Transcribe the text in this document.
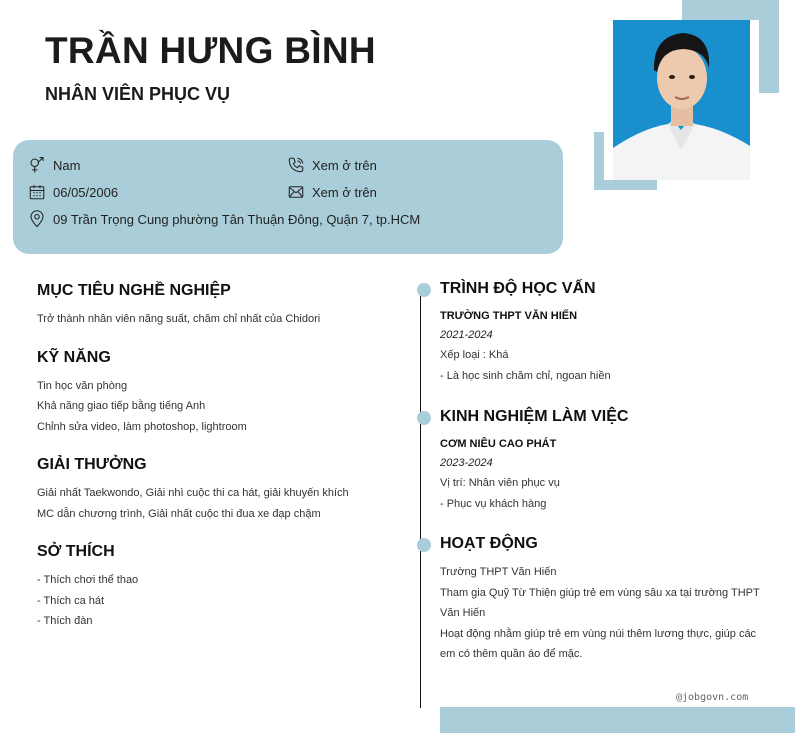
TRẦN HƯNG BÌNH
NHÂN VIÊN PHỤC VỤ
Nam
06/05/2006
09 Trần Trọng Cung phường Tân Thuận Đông, Quận 7, tp.HCM
Xem ở trên
Xem ở trên
MỤC TIÊU NGHỀ NGHIỆP

Trở thành nhân viên năng suất, chăm chỉ nhất của Chidori

KỸ NĂNG

Tin học văn phòng

Khả năng giao tiếp bằng tiếng Anh

Chỉnh sửa video, làm photoshop, lightroom

GIẢI THƯỞNG

Giải nhất Taekwondo, Giải nhì cuộc thi ca hát, giải khuyến khích

MC dẫn chương trình, Giải nhất cuộc thi đua xe đạp chậm

SỞ THÍCH

- Thích chơi thể thao

- Thích ca hát

- Thích đàn

TRÌNH ĐỘ HỌC VẤN

TRƯỜNG THPT VĂN HIẾN

2021-2024

Xếp loại : Khá

- Là học sinh chăm chỉ, ngoan hiền

KINH NGHIỆM LÀM VIỆC

CƠM NIÊU CAO PHÁT

2023-2024

Vị trí: Nhân viên phục vụ

- Phục vụ khách hàng

HOẠT ĐỘNG

Trường THPT Văn Hiến

Tham gia Quỹ Từ Thiện giúp trẻ em vùng sâu xa tại trường THPT

Văn Hiến

Hoạt động nhằm giúp trẻ em vùng núi thêm lương thực, giúp các

em có thêm quần áo để mặc.

@jobgovn.com
